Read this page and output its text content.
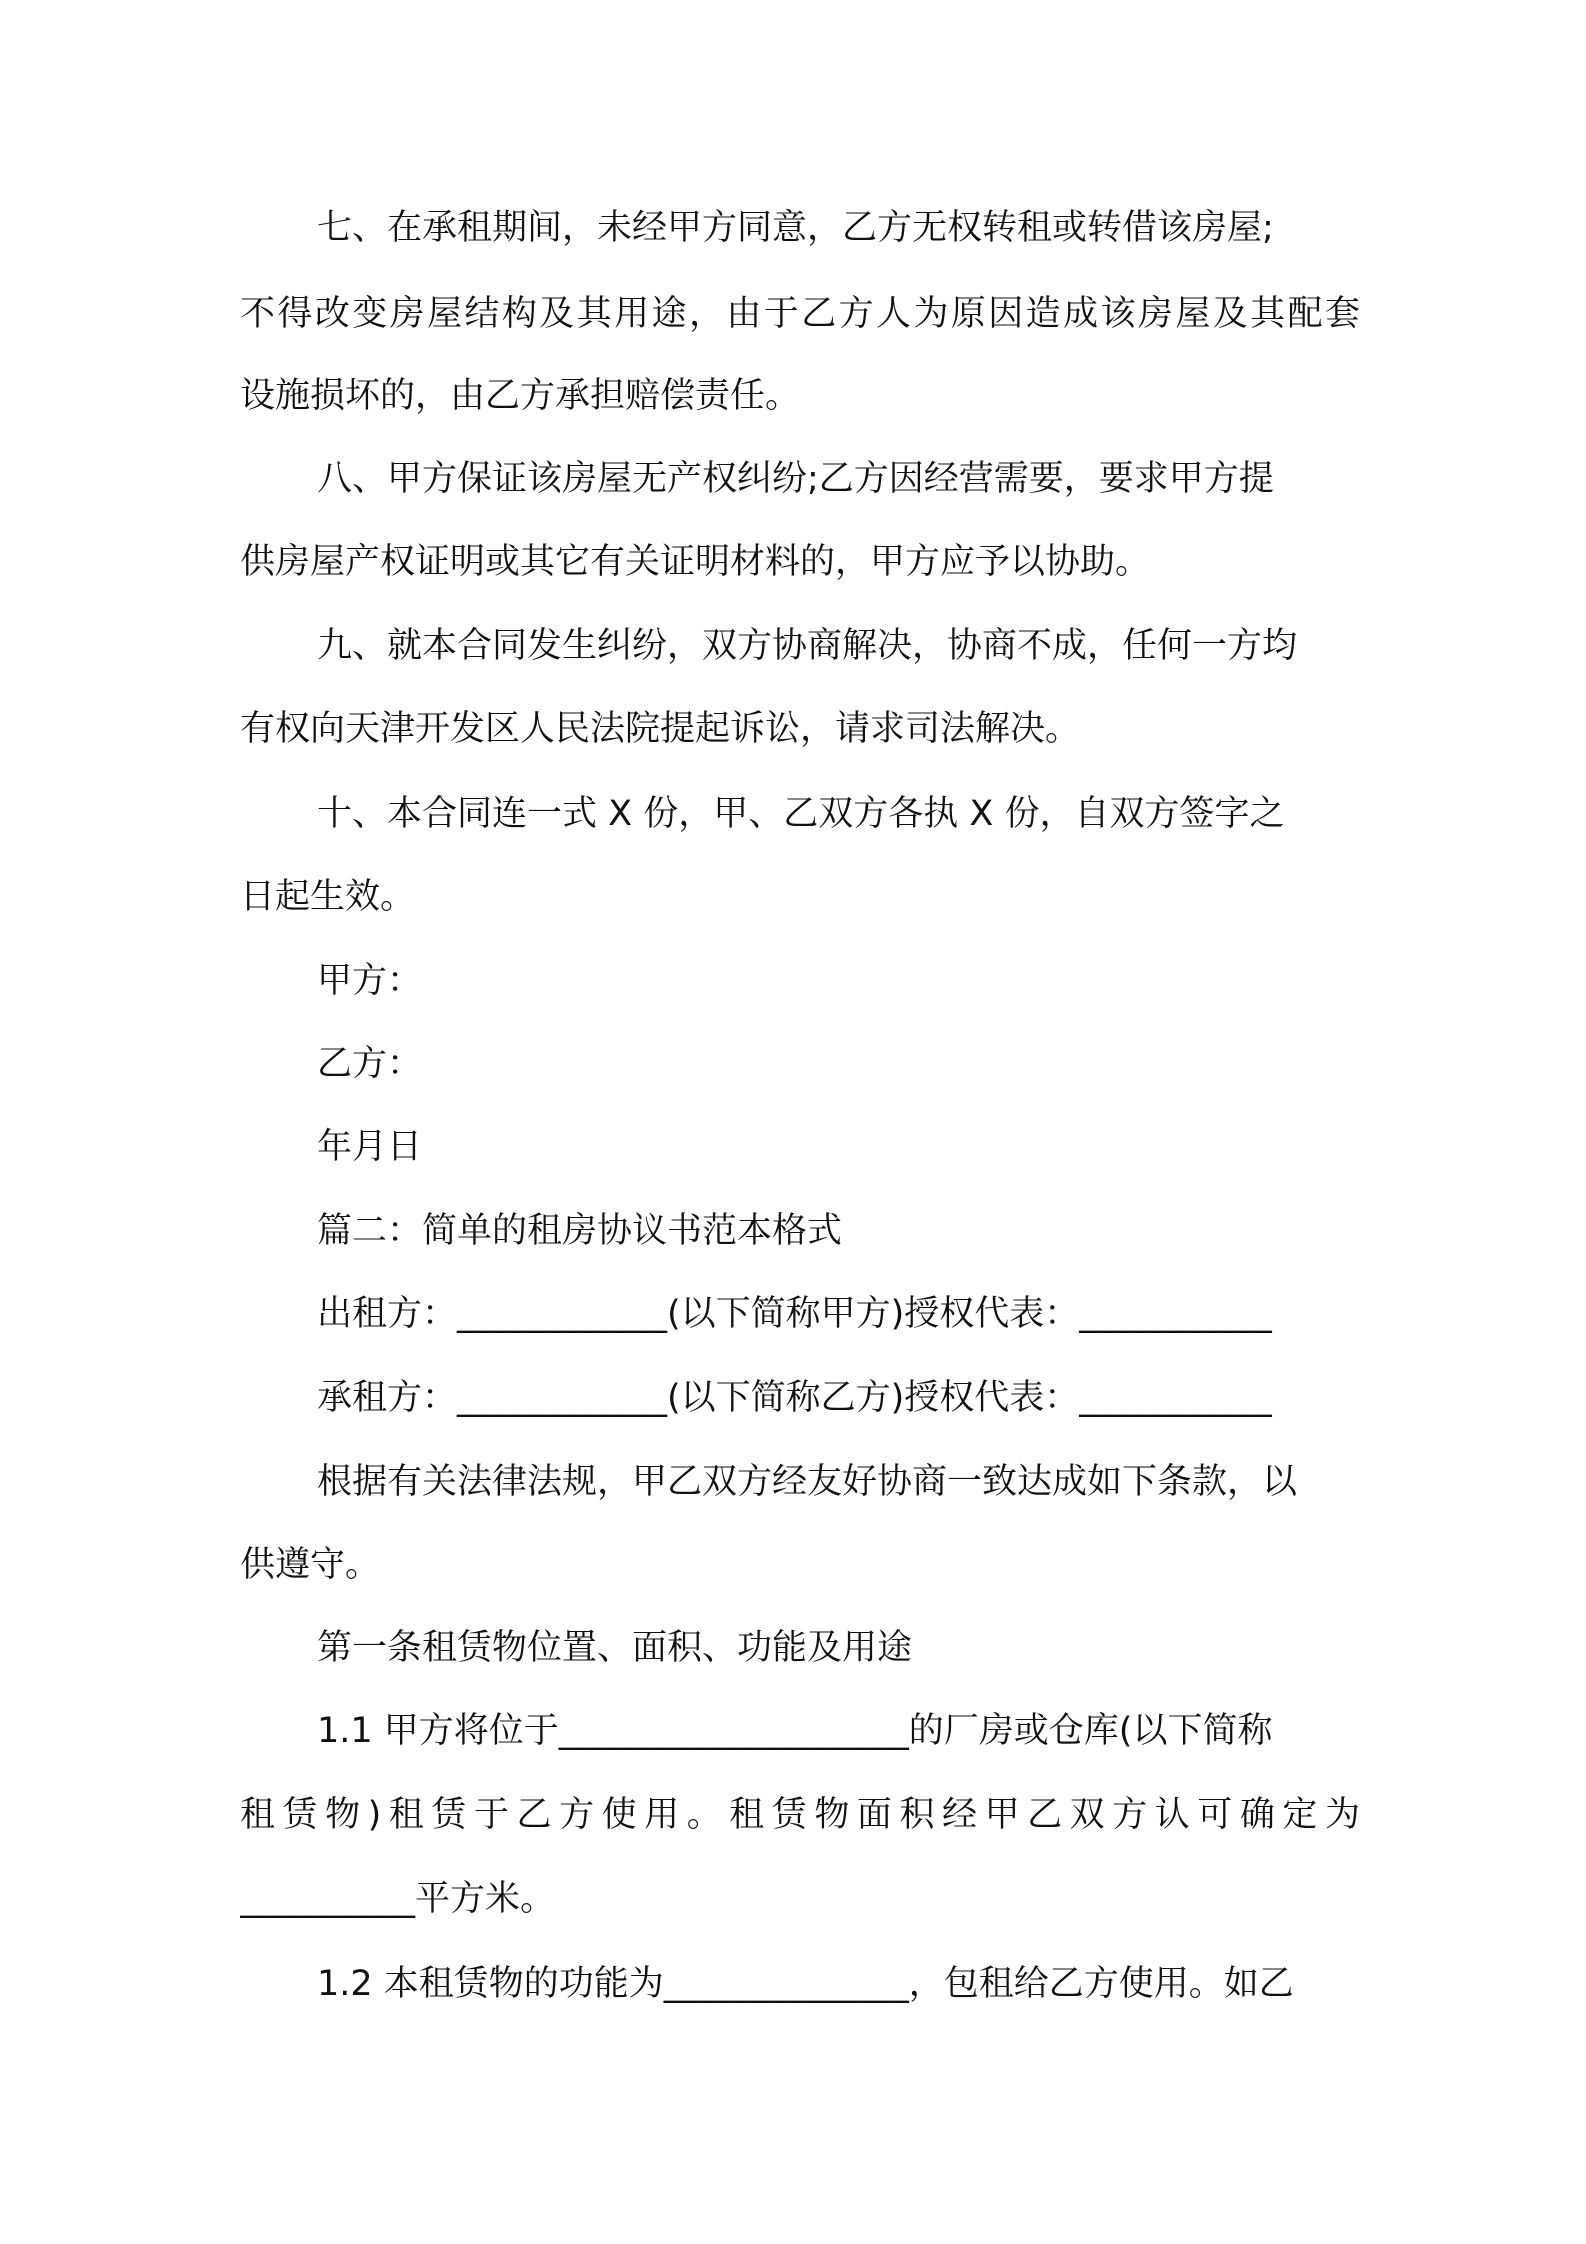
七、在承租期间，未经甲方同意，乙方无权转租或转借该房屋;
不得改变房屋结构及其用途，由于乙方人为原因造成该房屋及其配套
设施损坏的，由乙方承担赔偿责任。
八、甲方保证该房屋无产权纠纷;乙方因经营需要，要求甲方提
供房屋产权证明或其它有关证明材料的，甲方应予以协助。
九、就本合同发生纠纷，双方协商解决，协商不成，任何一方均
有权向天津开发区人民法院提起诉讼，请求司法解决。
十、本合同连一式 X 份，甲、乙双方各执 X 份，自双方签字之
日起生效。
甲方：
乙方：
年月日
篇二：简单的租房协议书范本格式
出租方：____________(以下简称甲方)授权代表：___________
承租方：____________(以下简称乙方)授权代表：___________
根据有关法律法规，甲乙双方经友好协商一致达成如下条款，以
供遵守。
第一条租赁物位置、面积、功能及用途
1.1 甲方将位于____________________的厂房或仓库(以下简称
租赁物)租赁于乙方使用。租赁物面积经甲乙双方认可确定为
__________平方米。
1.2 本租赁物的功能为______________，包租给乙方使用。如乙
